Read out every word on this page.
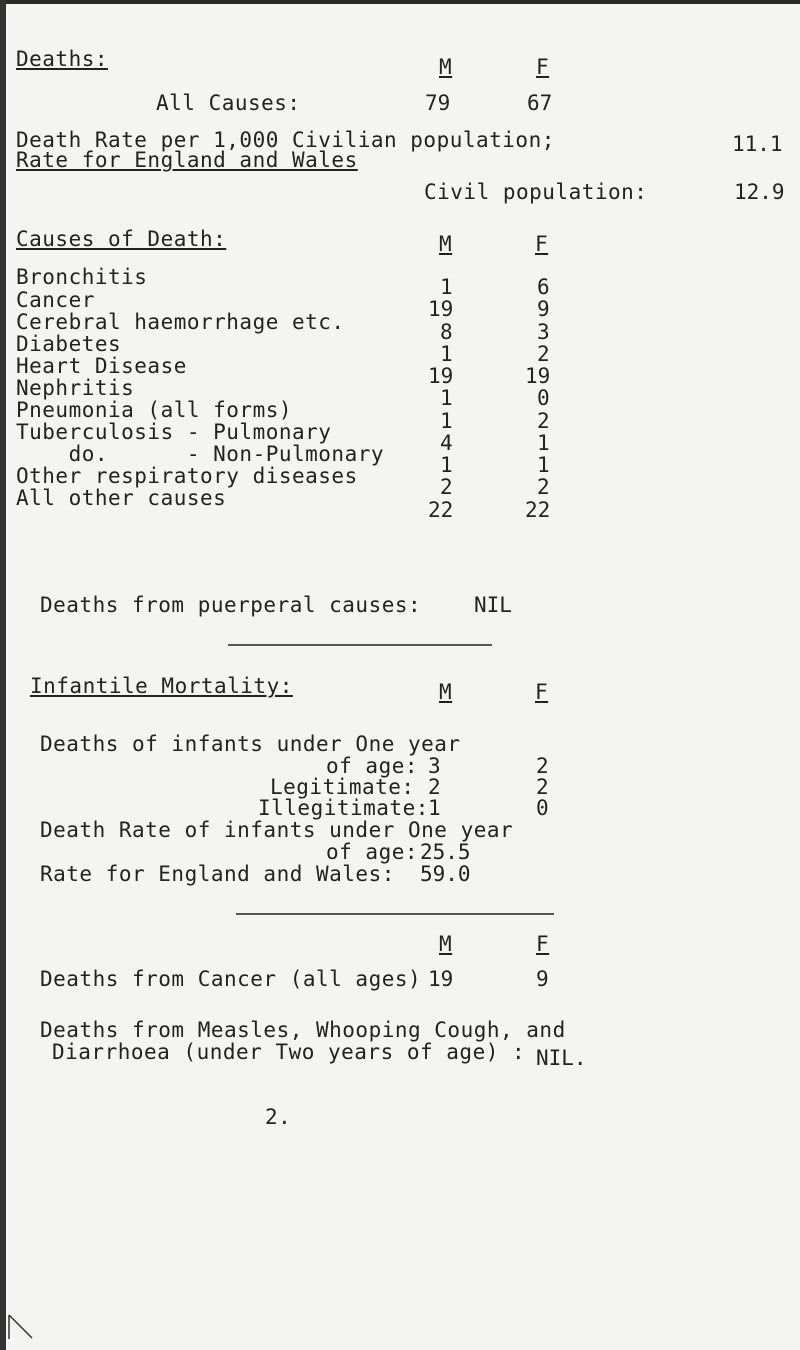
Deaths:	M	F
All Causes:	79	67
Death Rate per 1,000 Civilian population;	11.1
Rate for England and Wales
Civil population:	12.9
Causes of Death:	M	F
Bronchitis	1	6
Cancer	19	9
Cerebral haemorrhage etc.	8	3
Diabetes	1	2
Heart Disease	19	19
Nephritis	1	0
Pneumonia (all forms)	1	2
Tuberculosis - Pulmonary	4	1
do.      - Non-Pulmonary	1	1
Other respiratory diseases	2	2
All other causes	22	22
Deaths from puerperal causes:	NIL
Infantile Mortality:	M	F
Deaths of infants under One year
of age: 3	2
Legitimate: 2	2
Illegitimate: 1	0
Death Rate of infants under One year
of age: 25.5
Rate for England and Wales: 59.0
M	F
Deaths from Cancer (all ages) 19	9
Deaths from Measles, Whooping Cough, and
Diarrhoea (under Two years of age) : NIL.
2.
